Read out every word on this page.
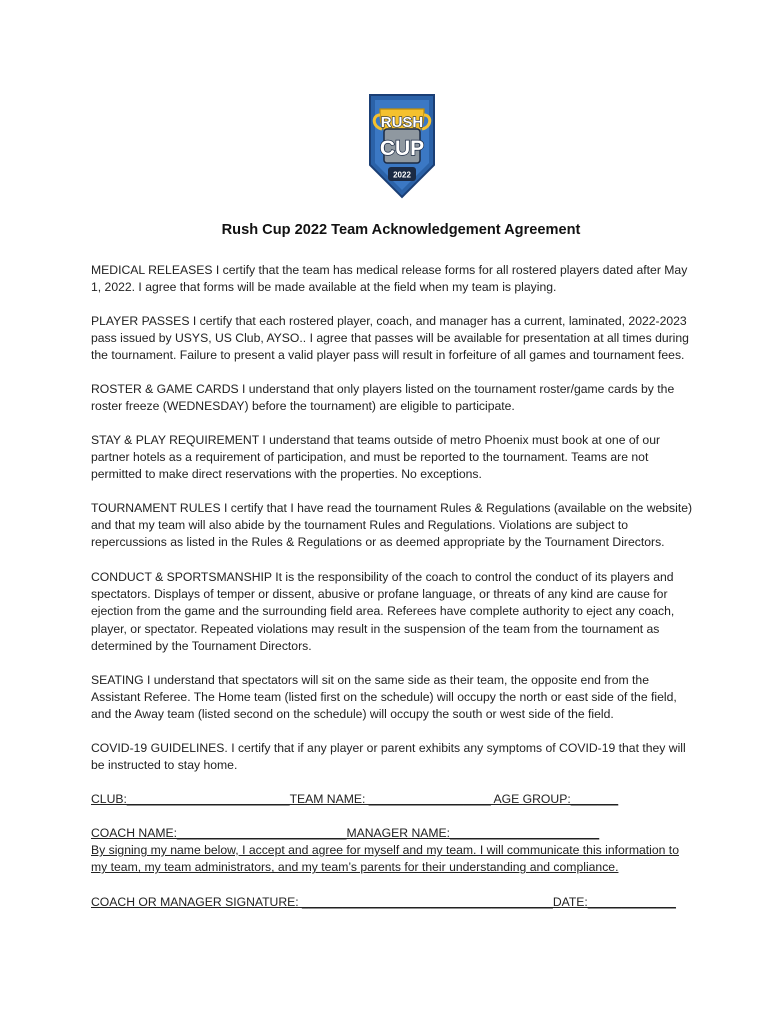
RUSH
CUP
2022
Rush Cup 2022 Team Acknowledgement Agreement
MEDICAL RELEASES I certify that the team has medical release forms for all rostered players dated after May
1, 2022. I agree that forms will be made available at the field when my team is playing.
PLAYER PASSES I certify that each rostered player, coach, and manager has a current, laminated, 2022-2023
pass issued by USYS, US Club, AYSO.. I agree that passes will be available for presentation at all times during
the tournament. Failure to present a valid player pass will result in forfeiture of all games and tournament fees.
ROSTER & GAME CARDS I understand that only players listed on the tournament roster/game cards by the
roster freeze (WEDNESDAY) before the tournament) are eligible to participate.
STAY & PLAY REQUIREMENT I understand that teams outside of metro Phoenix must book at one of our
partner hotels as a requirement of participation, and must be reported to the tournament. Teams are not
permitted to make direct reservations with the properties. No exceptions.
TOURNAMENT RULES I certify that I have read the tournament Rules & Regulations (available on the website)
and that my team will also abide by the tournament Rules and Regulations. Violations are subject to
repercussions as listed in the Rules & Regulations or as deemed appropriate by the Tournament Directors.
CONDUCT & SPORTSMANSHIP It is the responsibility of the coach to control the conduct of its players and
spectators. Displays of temper or dissent, abusive or profane language, or threats of any kind are cause for
ejection from the game and the surrounding field area. Referees have complete authority to eject any coach,
player, or spectator. Repeated violations may result in the suspension of the team from the tournament as
determined by the Tournament Directors.
SEATING I understand that spectators will sit on the same side as their team, the opposite end from the
Assistant Referee. The Home team (listed first on the schedule) will occupy the north or east side of the field,
and the Away team (listed second on the schedule) will occupy the south or west side of the field.
COVID-19 GUIDELINES. I certify that if any player or parent exhibits any symptoms of COVID-19 that they will
be instructed to stay home.
CLUB:________________________TEAM NAME: __________________ AGE GROUP:_______
COACH NAME:_________________________MANAGER NAME:______________________
By signing my name below, I accept and agree for myself and my team. I will communicate this information to
my team, my team administrators, and my team’s parents for their understanding and compliance.
COACH OR MANAGER SIGNATURE: _____________________________________DATE:_____________
